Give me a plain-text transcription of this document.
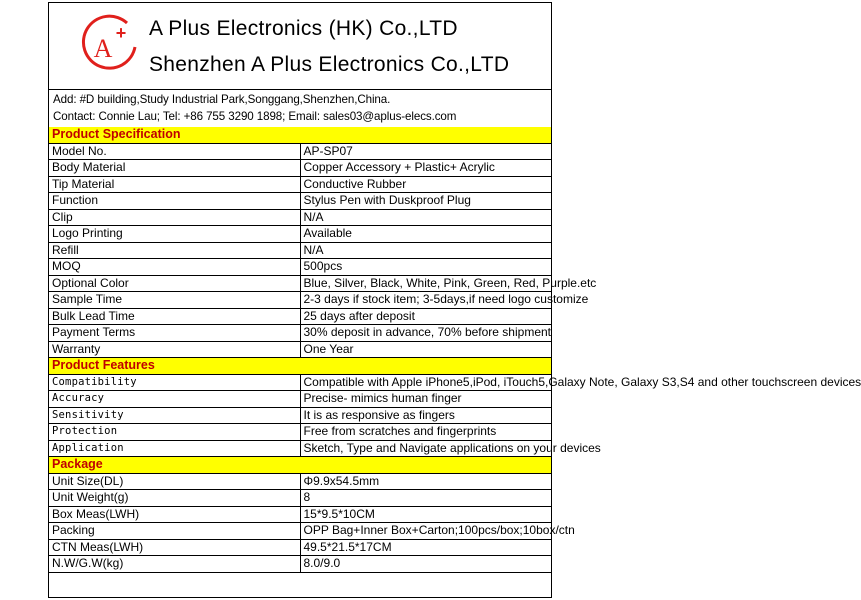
A
+ A Plus Electronics (HK) Co.,LTD
Shenzhen A Plus Electronics Co.,LTD
Add: #D building,Study Industrial Park,Songgang,Shenzhen,China.
Contact: Connie Lau; Tel: +86 755 3290 1898; Email: sales03@aplus-elecs.com
Product Specification	
Model No.	AP-SP07
Body Material	Copper Accessory + Plastic+ Acrylic
Tip Material	Conductive Rubber
Function	Stylus Pen with Duskproof Plug
Clip	N/A
Logo Printing	Available
Refill	N/A
MOQ	500pcs
Optional Color	Blue, Silver, Black, White, Pink, Green, Red, Purple.etc
Sample Time	2-3 days if stock item; 3-5days,if need logo customize
Bulk Lead Time	25 days after deposit
Payment Terms	30% deposit in advance, 70% before shipment
Warranty	One Year
Product Features	
Compatibility	Compatible with Apple iPhone5,iPod, iTouch5,Galaxy Note, Galaxy S3,S4 and other touchscreen devices
Accuracy	Precise- mimics human finger
Sensitivity	It is as responsive as fingers
Protection	Free from scratches and fingerprints
Application	Sketch, Type and Navigate applications on your devices
Package	
Unit Size(DL)	Φ9.9x54.5mm
Unit Weight(g)	8
Box Meas(LWH)	15*9.5*10CM
Packing	OPP Bag+Inner Box+Carton;100pcs/box;10box/ctn
CTN Meas(LWH)	49.5*21.5*17CM
N.W/G.W(kg)	8.0/9.0
